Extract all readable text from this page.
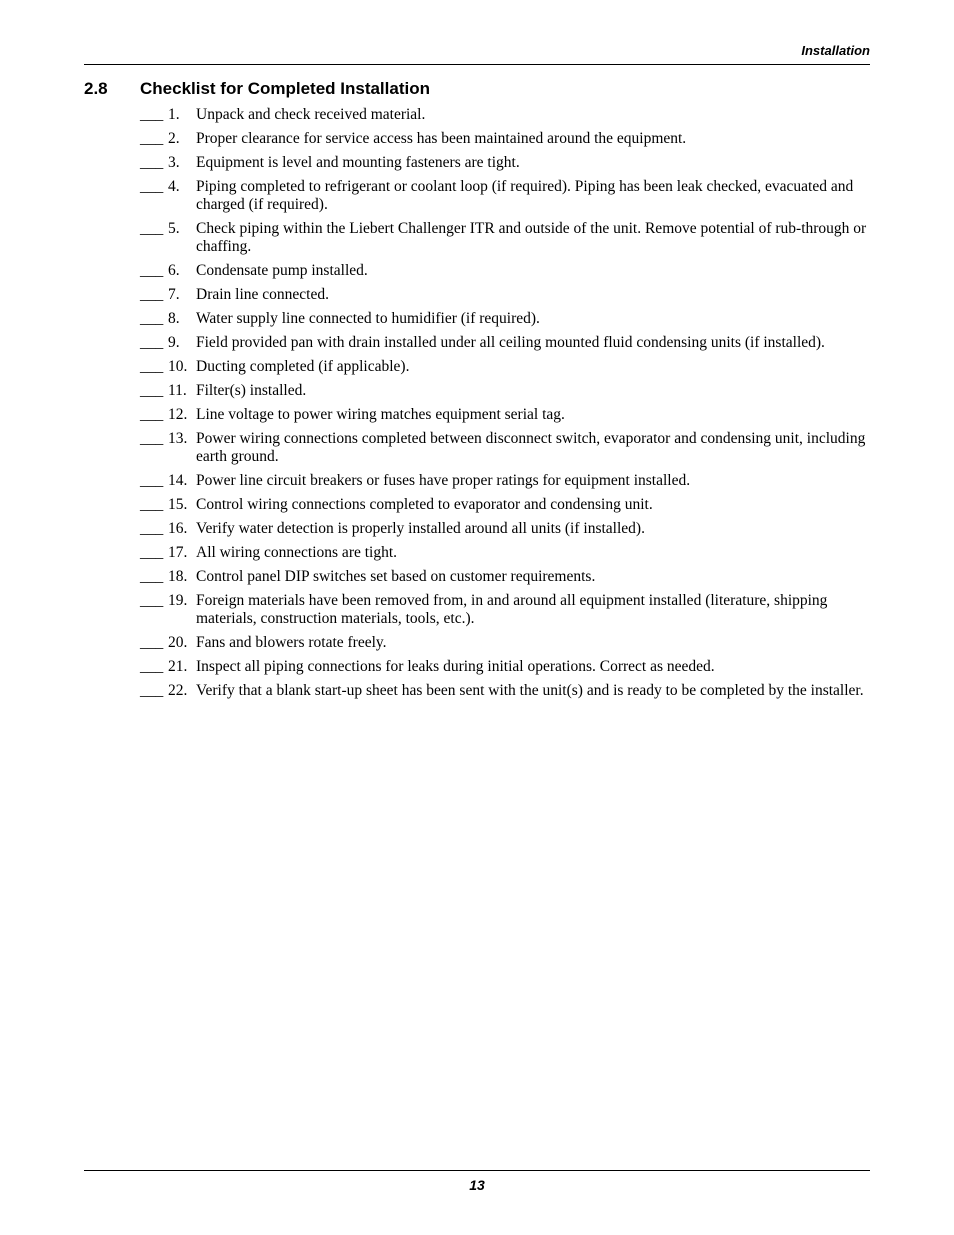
Installation
2.8 Checklist for Completed Installation
___ 1.	Unpack and check received material.
___ 2.	Proper clearance for service access has been maintained around the equipment.
___ 3.	Equipment is level and mounting fasteners are tight.
___ 4.	Piping completed to refrigerant or coolant loop (if required). Piping has been leak checked, evacuated and charged (if required).
___ 5.	Check piping within the Liebert Challenger ITR and outside of the unit. Remove potential of rub-through or chaffing.
___ 6.	Condensate pump installed.
___ 7.	Drain line connected.
___ 8.	Water supply line connected to humidifier (if required).
___ 9.	Field provided pan with drain installed under all ceiling mounted fluid condensing units (if installed).
___ 10. Ducting completed (if applicable).
___ 11. Filter(s) installed.
___ 12. Line voltage to power wiring matches equipment serial tag.
___ 13. Power wiring connections completed between disconnect switch, evaporator and condensing unit, including earth ground.
___ 14. Power line circuit breakers or fuses have proper ratings for equipment installed.
___ 15. Control wiring connections completed to evaporator and condensing unit.
___ 16. Verify water detection is properly installed around all units (if installed).
___ 17. All wiring connections are tight.
___ 18. Control panel DIP switches set based on customer requirements.
___ 19. Foreign materials have been removed from, in and around all equipment installed (literature, shipping materials, construction materials, tools, etc.).
___ 20. Fans and blowers rotate freely.
___ 21. Inspect all piping connections for leaks during initial operations. Correct as needed.
___ 22. Verify that a blank start-up sheet has been sent with the unit(s) and is ready to be completed by the installer.
13
